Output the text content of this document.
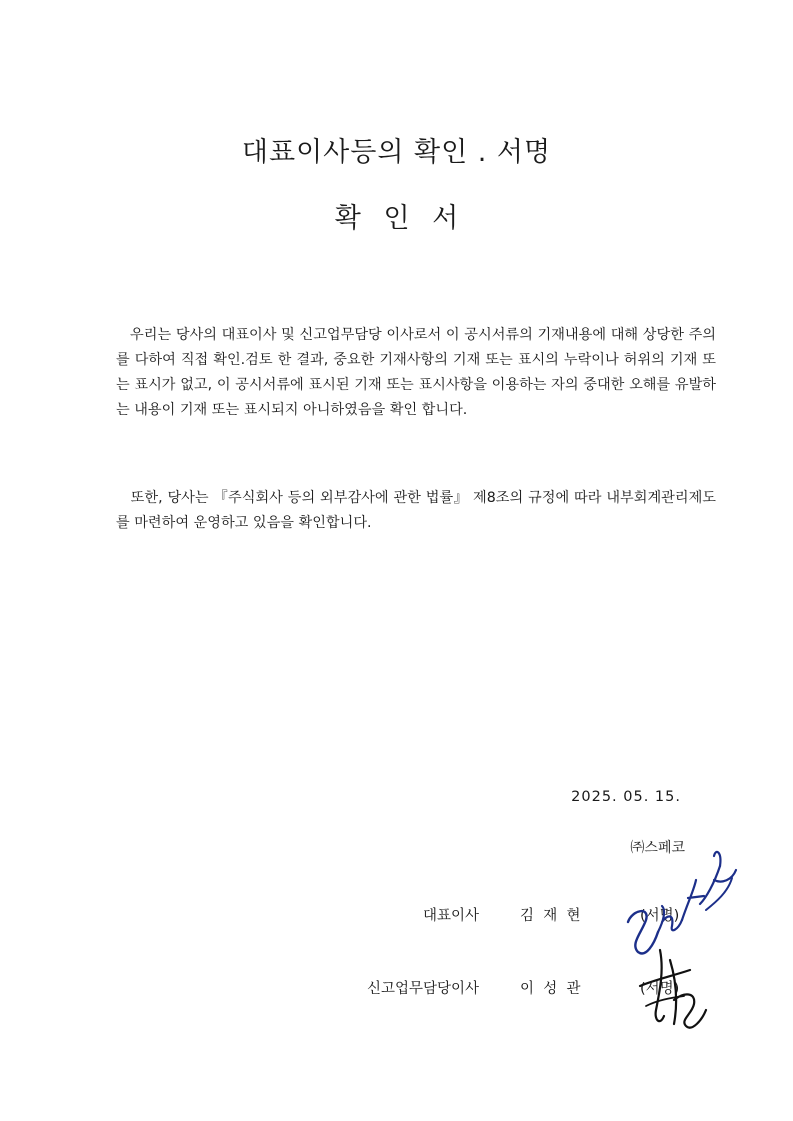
대표이사등의 확인 . 서명
확 인 서
우리는 당사의 대표이사 및 신고업무담당 이사로서 이 공시서류의 기재내용에 대해 상당한 주의를 다하여 직접 확인.검토 한 결과, 중요한 기재사항의 기재 또는 표시의 누락이나 허위의 기재 또는 표시가 없고, 이 공시서류에 표시된 기재 또는 표시사항을 이용하는 자의 중대한 오해를 유발하는 내용이 기재 또는 표시되지 아니하였음을 확인 합니다.
또한, 당사는 『주식회사 등의 외부감사에 관한 법률』 제8조의 규정에 따라 내부회계관리제도를 마련하여 운영하고 있음을 확인합니다.
2025. 05. 15.
㈜스페코
대표이사	김  재  현	(서명)
신고업무담당이사	이  성  관	(서명)
